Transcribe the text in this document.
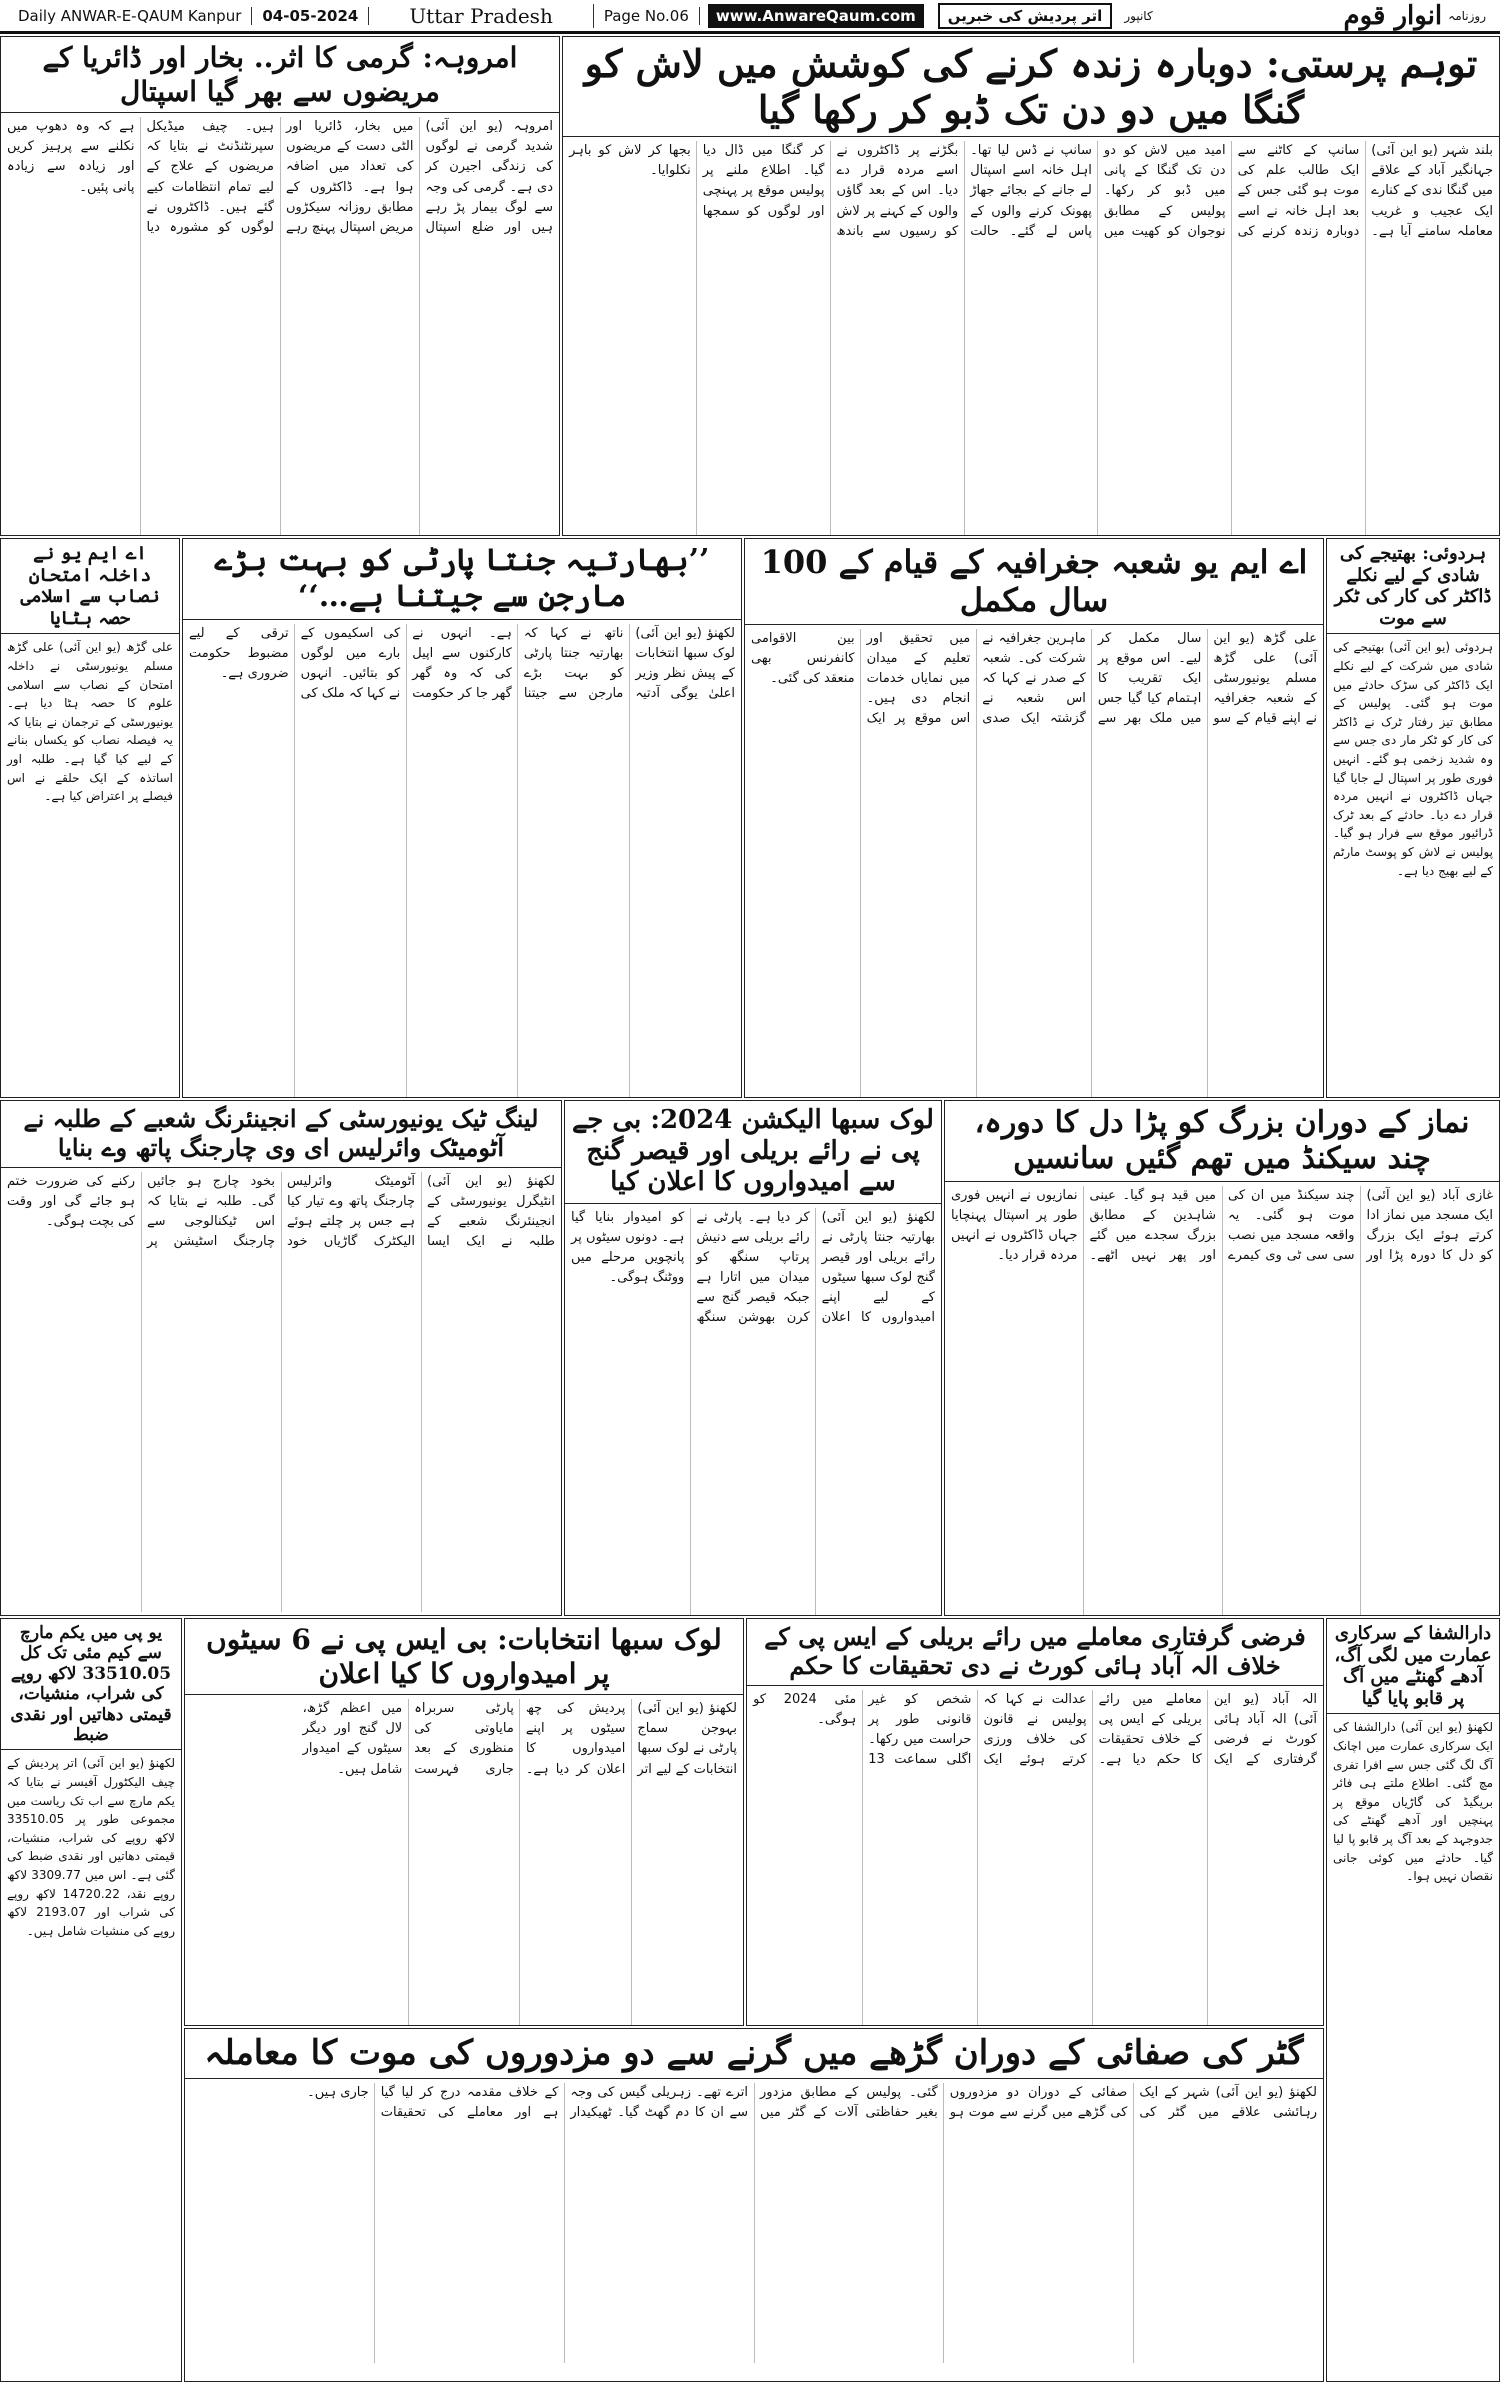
Daily ANWAR-E-QAUM Kanpur	04-05-2024	Uttar Pradesh	Page No.06	www.AnwareQaum.com	اتر پردیش کی خبریں	کانپور	انوار قوم روزنامہ
امروہہ: گرمی کا اثر.. بخار اور ڈائریا کے مریضوں سے بھر گیا اسپتال
امروہہ (یو این آئی) شدید گرمی نے لوگوں کی زندگی اجیرن کر دی ہے۔ گرمی کی وجہ سے لوگ بیمار پڑ رہے ہیں اور ضلع اسپتال میں بخار، ڈائریا اور الٹی دست کے مریضوں کی تعداد میں اضافہ ہوا ہے۔ ڈاکٹروں کے مطابق روزانہ سیکڑوں مریض اسپتال پہنچ رہے ہیں۔ چیف میڈیکل سپرنٹنڈنٹ نے بتایا کہ مریضوں کے علاج کے لیے تمام انتظامات کیے گئے ہیں۔ ڈاکٹروں نے لوگوں کو مشورہ دیا ہے کہ وہ دھوپ میں نکلنے سے پرہیز کریں اور زیادہ سے زیادہ پانی پئیں۔
توہم پرستی: دوبارہ زندہ کرنے کی کوشش میں لاش کو گنگا میں دو دن تک ڈبو کر رکھا گیا
بلند شہر (یو این آئی) جہانگیر آباد کے علاقے میں گنگا ندی کے کنارے ایک عجیب و غریب معاملہ سامنے آیا ہے۔ سانپ کے کاٹنے سے ایک طالب علم کی موت ہو گئی جس کے بعد اہل خانہ نے اسے دوبارہ زندہ کرنے کی امید میں لاش کو دو دن تک گنگا کے پانی میں ڈبو کر رکھا۔ پولیس کے مطابق نوجوان کو کھیت میں سانپ نے ڈس لیا تھا۔ اہل خانہ اسے اسپتال لے جانے کے بجائے جھاڑ پھونک کرنے والوں کے پاس لے گئے۔ حالت بگڑنے پر ڈاکٹروں نے اسے مردہ قرار دے دیا۔ اس کے بعد گاؤں والوں کے کہنے پر لاش کو رسیوں سے باندھ کر گنگا میں ڈال دیا گیا۔ اطلاع ملنے پر پولیس موقع پر پہنچی اور لوگوں کو سمجھا بجھا کر لاش کو باہر نکلوایا۔
اے ایم یو نے داخلہ امتحان نصاب سے اسلامی حصہ ہٹایا
علی گڑھ (یو این آئی) علی گڑھ مسلم یونیورسٹی نے داخلہ امتحان کے نصاب سے اسلامی علوم کا حصہ ہٹا دیا ہے۔ یونیورسٹی کے ترجمان نے بتایا کہ یہ فیصلہ نصاب کو یکساں بنانے کے لیے کیا گیا ہے۔ طلبہ اور اساتذہ کے ایک حلقے نے اس فیصلے پر اعتراض کیا ہے۔
’’بھارتیہ جنتا پارٹی کو بہت بڑے مارجن سے جیتنا ہے…‘‘
لکھنؤ (یو این آئی) لوک سبھا انتخابات کے پیش نظر وزیر اعلیٰ یوگی آدتیہ ناتھ نے کہا کہ بھارتیہ جنتا پارٹی کو بہت بڑے مارجن سے جیتنا ہے۔ انہوں نے کارکنوں سے اپیل کی کہ وہ گھر گھر جا کر حکومت کی اسکیموں کے بارے میں لوگوں کو بتائیں۔ انہوں نے کہا کہ ملک کی ترقی کے لیے مضبوط حکومت ضروری ہے۔
اے ایم یو شعبہ جغرافیہ کے قیام کے 100 سال مکمل
علی گڑھ (یو این آئی) علی گڑھ مسلم یونیورسٹی کے شعبہ جغرافیہ نے اپنے قیام کے سو سال مکمل کر لیے۔ اس موقع پر ایک تقریب کا اہتمام کیا گیا جس میں ملک بھر سے ماہرین جغرافیہ نے شرکت کی۔ شعبہ کے صدر نے کہا کہ اس شعبہ نے گزشتہ ایک صدی میں تحقیق اور تعلیم کے میدان میں نمایاں خدمات انجام دی ہیں۔ اس موقع پر ایک بین الاقوامی کانفرنس بھی منعقد کی گئی۔
ہردوئی: بھتیجے کی شادی کے لیے نکلے ڈاکٹر کی کار کی ٹکر سے موت
ہردوئی (یو این آئی) بھتیجے کی شادی میں شرکت کے لیے نکلے ایک ڈاکٹر کی سڑک حادثے میں موت ہو گئی۔ پولیس کے مطابق تیز رفتار ٹرک نے ڈاکٹر کی کار کو ٹکر مار دی جس سے وہ شدید زخمی ہو گئے۔ انہیں فوری طور پر اسپتال لے جایا گیا جہاں ڈاکٹروں نے انہیں مردہ قرار دے دیا۔ حادثے کے بعد ٹرک ڈرائیور موقع سے فرار ہو گیا۔ پولیس نے لاش کو پوسٹ مارٹم کے لیے بھیج دیا ہے۔
لینگ ٹیک یونیورسٹی کے انجینئرنگ شعبے کے طلبہ نے آٹومیٹک وائرلیس ای وی چارجنگ پاتھ وے بنایا
لکھنؤ (یو این آئی) انٹیگرل یونیورسٹی کے انجینئرنگ شعبے کے طلبہ نے ایک ایسا آٹومیٹک وائرلیس چارجنگ پاتھ وے تیار کیا ہے جس پر چلتے ہوئے الیکٹرک گاڑیاں خود بخود چارج ہو جائیں گی۔ طلبہ نے بتایا کہ اس ٹیکنالوجی سے چارجنگ اسٹیشن پر رکنے کی ضرورت ختم ہو جائے گی اور وقت کی بچت ہوگی۔
لوک سبھا الیکشن 2024: بی جے پی نے رائے بریلی اور قیصر گنج سے امیدواروں کا اعلان کیا
لکھنؤ (یو این آئی) بھارتیہ جنتا پارٹی نے رائے بریلی اور قیصر گنج لوک سبھا سیٹوں کے لیے اپنے امیدواروں کا اعلان کر دیا ہے۔ پارٹی نے رائے بریلی سے دنیش پرتاپ سنگھ کو میدان میں اتارا ہے جبکہ قیصر گنج سے کرن بھوشن سنگھ کو امیدوار بنایا گیا ہے۔ دونوں سیٹوں پر پانچویں مرحلے میں ووٹنگ ہوگی۔
نماز کے دوران بزرگ کو پڑا دل کا دورہ، چند سیکنڈ میں تھم گئیں سانسیں
غازی آباد (یو این آئی) ایک مسجد میں نماز ادا کرتے ہوئے ایک بزرگ کو دل کا دورہ پڑا اور چند سیکنڈ میں ان کی موت ہو گئی۔ یہ واقعہ مسجد میں نصب سی سی ٹی وی کیمرے میں قید ہو گیا۔ عینی شاہدین کے مطابق بزرگ سجدے میں گئے اور پھر نہیں اٹھے۔ نمازیوں نے انہیں فوری طور پر اسپتال پہنچایا جہاں ڈاکٹروں نے انہیں مردہ قرار دیا۔
یو پی میں یکم مارچ سے کیم مئی تک کل 33510.05 لاکھ روپے کی شراب، منشیات، قیمتی دھاتیں اور نقدی ضبط
لکھنؤ (یو این آئی) اتر پردیش کے چیف الیکٹورل آفیسر نے بتایا کہ یکم مارچ سے اب تک ریاست میں مجموعی طور پر 33510.05 لاکھ روپے کی شراب، منشیات، قیمتی دھاتیں اور نقدی ضبط کی گئی ہے۔ اس میں 3309.77 لاکھ روپے نقد، 14720.22 لاکھ روپے کی شراب اور 2193.07 لاکھ روپے کی منشیات شامل ہیں۔
لوک سبھا انتخابات: بی ایس پی نے 6 سیٹوں پر امیدواروں کا کیا اعلان
لکھنؤ (یو این آئی) بہوجن سماج پارٹی نے لوک سبھا انتخابات کے لیے اتر پردیش کی چھ سیٹوں پر اپنے امیدواروں کا اعلان کر دیا ہے۔ پارٹی سربراہ مایاوتی کی منظوری کے بعد جاری فہرست میں اعظم گڑھ، لال گنج اور دیگر سیٹوں کے امیدوار شامل ہیں۔
فرضی گرفتاری معاملے میں رائے بریلی کے ایس پی کے خلاف الہ آباد ہائی کورٹ نے دی تحقیقات کا حکم
الہ آباد (یو این آئی) الہ آباد ہائی کورٹ نے فرضی گرفتاری کے ایک معاملے میں رائے بریلی کے ایس پی کے خلاف تحقیقات کا حکم دیا ہے۔ عدالت نے کہا کہ پولیس نے قانون کی خلاف ورزی کرتے ہوئے ایک شخص کو غیر قانونی طور پر حراست میں رکھا۔ اگلی سماعت 13 مئی 2024 کو ہوگی۔
دارالشفا کے سرکاری عمارت میں لگی آگ، آدھے گھنٹے میں آگ پر قابو پایا گیا
لکھنؤ (یو این آئی) دارالشفا کی ایک سرکاری عمارت میں اچانک آگ لگ گئی جس سے افرا تفری مچ گئی۔ اطلاع ملتے ہی فائر بریگیڈ کی گاڑیاں موقع پر پہنچیں اور آدھے گھنٹے کی جدوجہد کے بعد آگ پر قابو پا لیا گیا۔ حادثے میں کوئی جانی نقصان نہیں ہوا۔
گٹر کی صفائی کے دوران گڑھے میں گرنے سے دو مزدوروں کی موت کا معاملہ
لکھنؤ (یو این آئی) شہر کے ایک رہائشی علاقے میں گٹر کی صفائی کے دوران دو مزدوروں کی گڑھے میں گرنے سے موت ہو گئی۔ پولیس کے مطابق مزدور بغیر حفاظتی آلات کے گٹر میں اترے تھے۔ زہریلی گیس کی وجہ سے ان کا دم گھٹ گیا۔ ٹھیکیدار کے خلاف مقدمہ درج کر لیا گیا ہے اور معاملے کی تحقیقات جاری ہیں۔
